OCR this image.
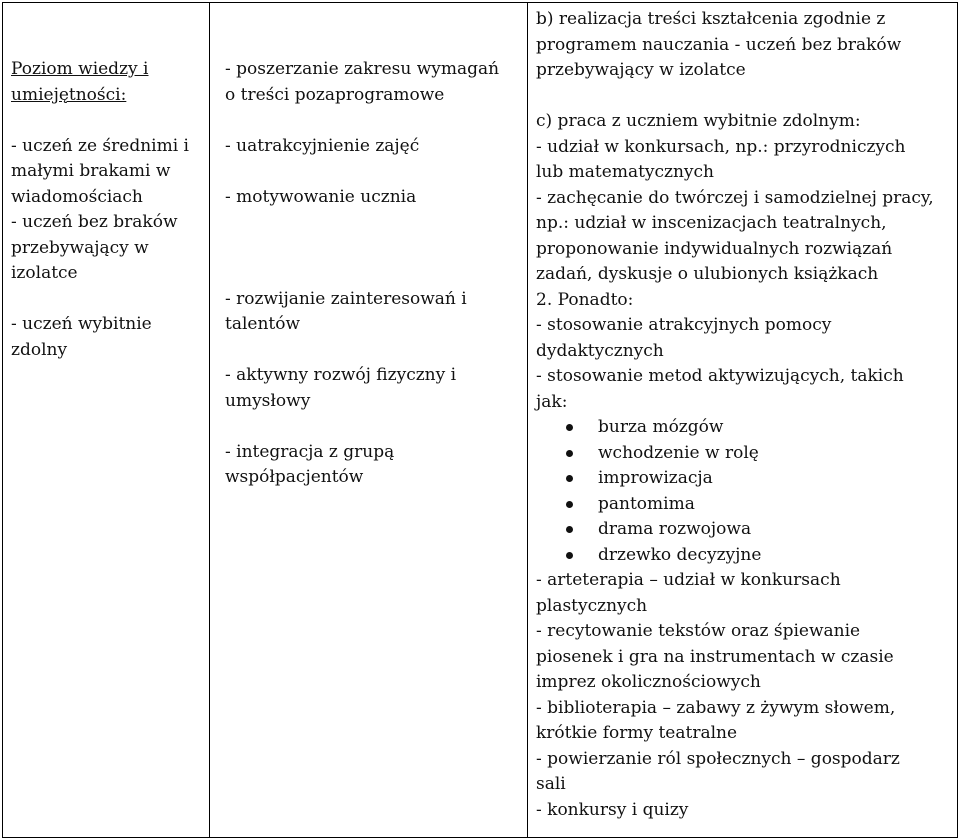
Poziom wiedzy i

umiejętności:

- uczeń ze średnimi i

małymi brakami w

wiadomościach

- uczeń bez braków

przebywający w

izolatce

- uczeń wybitnie

zdolny

- poszerzanie zakresu wymagań

o treści pozaprogramowe

- uatrakcyjnienie zajęć

- motywowanie ucznia

- rozwijanie zainteresowań i

talentów

- aktywny rozwój fizyczny i

umysłowy

- integracja z grupą

współpacjentów

b) realizacja treści kształcenia zgodnie z

programem nauczania - uczeń bez braków

przebywający w izolatce

c) praca z uczniem wybitnie zdolnym:

- udział w konkursach, np.: przyrodniczych

lub matematycznych

- zachęcanie do twórczej i samodzielnej pracy,

np.: udział w inscenizacjach teatralnych,

proponowanie indywidualnych rozwiązań

zadań, dyskusje o ulubionych książkach

2. Ponadto:

- stosowanie atrakcyjnych pomocy

dydaktycznych

- stosowanie metod aktywizujących, takich

jak:

burza mózgów
wchodzenie w rolę
improwizacja
pantomima
drama rozwojowa
drzewko decyzyjne

- arteterapia – udział w konkursach

plastycznych

- recytowanie tekstów oraz śpiewanie

piosenek i gra na instrumentach w czasie

imprez okolicznościowych

- biblioterapia – zabawy z żywym słowem,

krótkie formy teatralne

- powierzanie ról społecznych – gospodarz

sali

- konkursy i quizy
